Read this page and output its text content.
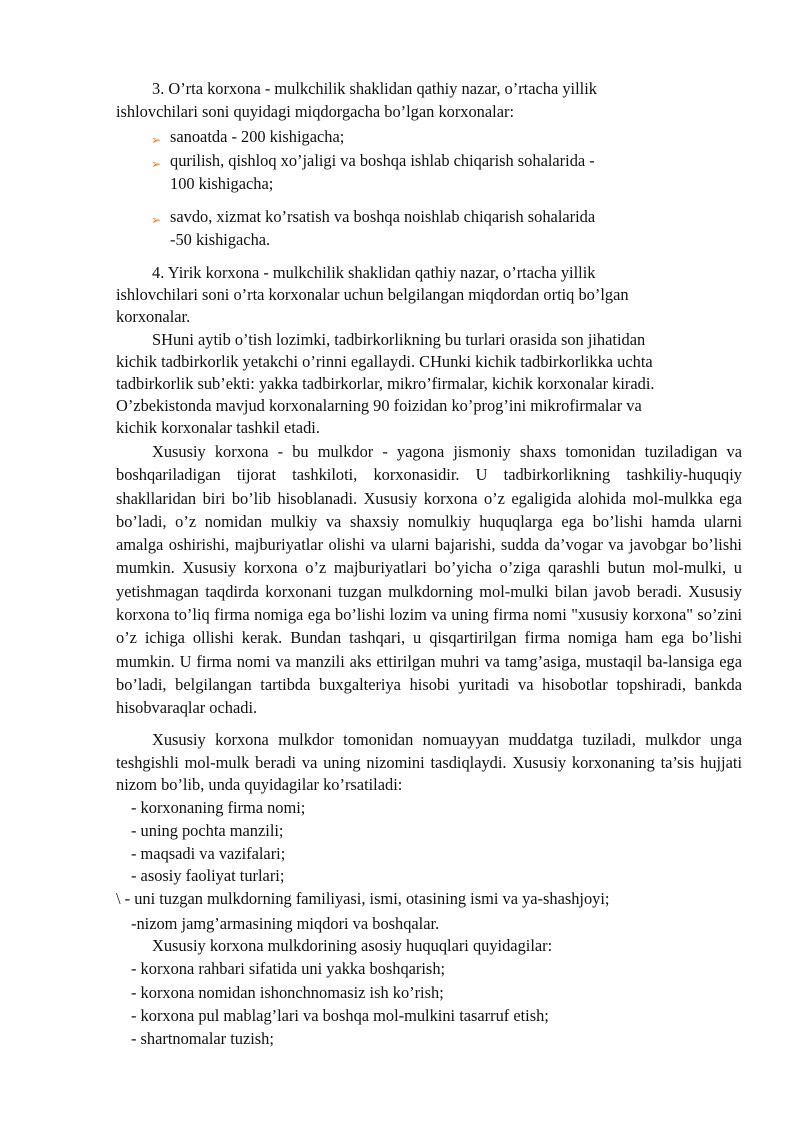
3. O’rta korxona - mulkchilik shaklidan qathiy nazar, o’rtacha yillik
ishlovchilari soni quyidagi miqdorgacha bo’lgan korxonalar:
➢ sanoatda - 200 kishigacha;
➢ qurilish, qishloq xo’jaligi va boshqa ishlab chiqarish sohalarida -
100 kishigacha;
➢ savdo, xizmat ko’rsatish va boshqa noishlab chiqarish sohalarida
-50 kishigacha.
4. Yirik korxona - mulkchilik shaklidan qathiy nazar, o’rtacha yillik
ishlovchilari soni o’rta korxonalar uchun belgilangan miqdordan ortiq bo’lgan
korxonalar.
SHuni aytib o’tish lozimki, tadbirkorlikning bu turlari orasida son jihatidan
kichik tadbirkorlik yetakchi o’rinni egallaydi. CHunki kichik tadbirkorlikka uchta
tadbirkorlik sub’ekti: yakka tadbirkorlar, mikro’firmalar, kichik korxonalar kiradi.
O’zbekistonda mavjud korxonalarning 90 foizidan ko’prog’ini mikrofirmalar va
kichik korxonalar tashkil etadi.

Xususiy korxona - bu mulkdor - yagona jismoniy shaxs tomonidan tuziladigan va boshqariladigan tijorat tashkiloti, korxonasidir. U tadbirkorlikning tashkiliy-huquqiy shakllaridan biri bo’lib hisoblanadi. Xususiy korxona o’z egaligida alohida mol-mulkka ega bo’ladi, o’z nomidan mulkiy va shaxsiy nomulkiy huquqlarga ega bo’lishi hamda ularni amalga oshirishi, majburiyatlar olishi va ularni bajarishi, sudda da’vogar va javobgar bo’lishi mumkin. Xususiy korxona o’z majburiyatlari bo’yicha o’ziga qarashli butun mol-mulki, u yetishmagan taqdirda korxonani tuzgan mulkdorning mol-mulki bilan javob beradi. Xususiy korxona to’liq firma nomiga ega bo’lishi lozim va uning firma nomi "xususiy korxona" so’zini o’z ichiga ollishi kerak. Bundan tashqari, u qisqartirilgan firma nomiga ham ega bo’lishi mumkin. U firma nomi va manzili aks ettirilgan muhri va tamg’asiga, mustaqil ba-lansiga ega bo’ladi, belgilangan tartibda buxgalteriya hisobi yuritadi va hisobotlar topshiradi, bankda hisobvaraqlar ochadi.

Xususiy korxona mulkdor tomonidan nomuayyan muddatga tuziladi, mulkdor unga teshgishli mol-mulk beradi va uning nizomini tasdiqlaydi. Xususiy korxonaning ta’sis hujjati nizom bo’lib, unda quyidagilar ko’rsatiladi:

- korxonaning firma nomi;
- uning pochta manzili;
- maqsadi va vazifalari;
- asosiy faoliyat turlari;
\ - uni tuzgan mulkdorning familiyasi, ismi, otasining ismi va ya-shashjoyi;
-nizom jamg’armasining miqdori va boshqalar.
Xususiy korxona mulkdorining asosiy huquqlari quyidagilar:
- korxona rahbari sifatida uni yakka boshqarish;
- korxona nomidan ishonchnomasiz ish ko’rish;
- korxona pul mablag’lari va boshqa mol-mulkini tasarruf etish;
- shartnomalar tuzish;
